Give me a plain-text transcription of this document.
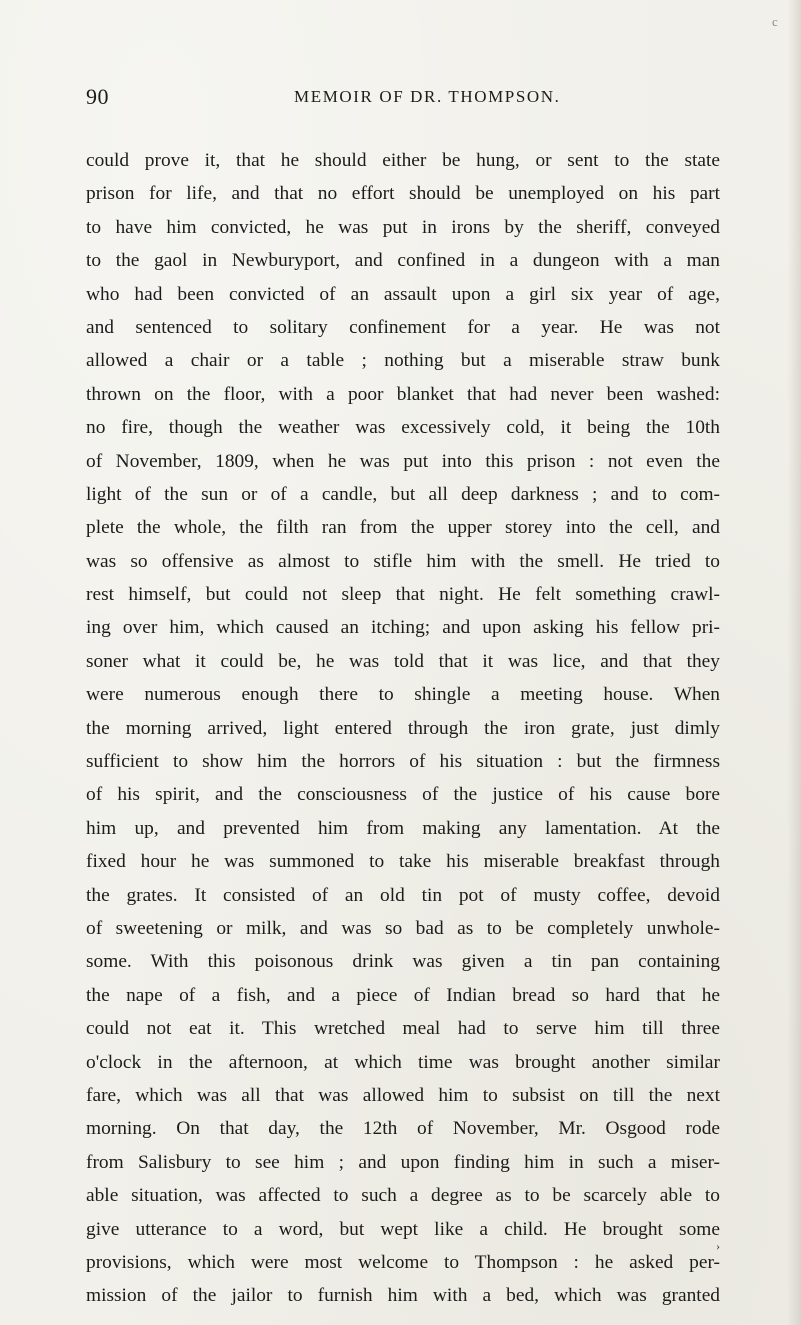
c
90	MEMOIR OF DR. THOMPSON.
could prove it, that he should either be hung, or sent to the state
prison for life, and that no effort should be unemployed on his part
to have him convicted, he was put in irons by the sheriff, conveyed
to the gaol in Newburyport, and confined in a dungeon with a man
who had been convicted of an assault upon a girl six year of age,
and sentenced to solitary confinement for a year. He was not
allowed a chair or a table ; nothing but a miserable straw bunk
thrown on the floor, with a poor blanket that had never been washed:
no fire, though the weather was excessively cold, it being the 10th
of November, 1809, when he was put into this prison : not even the
light of the sun or of a candle, but all deep darkness ; and to com-
plete the whole, the filth ran from the upper storey into the cell, and
was so offensive as almost to stifle him with the smell. He tried to
rest himself, but could not sleep that night. He felt something crawl-
ing over him, which caused an itching; and upon asking his fellow pri-
soner what it could be, he was told that it was lice, and that they
were numerous enough there to shingle a meeting house. When
the morning arrived, light entered through the iron grate, just dimly
sufficient to show him the horrors of his situation : but the firmness
of his spirit, and the consciousness of the justice of his cause bore
him up, and prevented him from making any lamentation. At the
fixed hour he was summoned to take his miserable breakfast through
the grates. It consisted of an old tin pot of musty coffee, devoid
of sweetening or milk, and was so bad as to be completely unwhole-
some. With this poisonous drink was given a tin pan containing
the nape of a fish, and a piece of Indian bread so hard that he
could not eat it. This wretched meal had to serve him till three
o'clock in the afternoon, at which time was brought another similar
fare, which was all that was allowed him to subsist on till the next
morning. On that day, the 12th of November, Mr. Osgood rode
from Salisbury to see him ; and upon finding him in such a miser-
able situation, was affected to such a degree as to be scarcely able to
give utterance to a word, but wept like a child. He brought some
provisions, which were most welcome to Thompson : he asked per-
mission of the jailor to furnish him with a bed, which was granted
›
